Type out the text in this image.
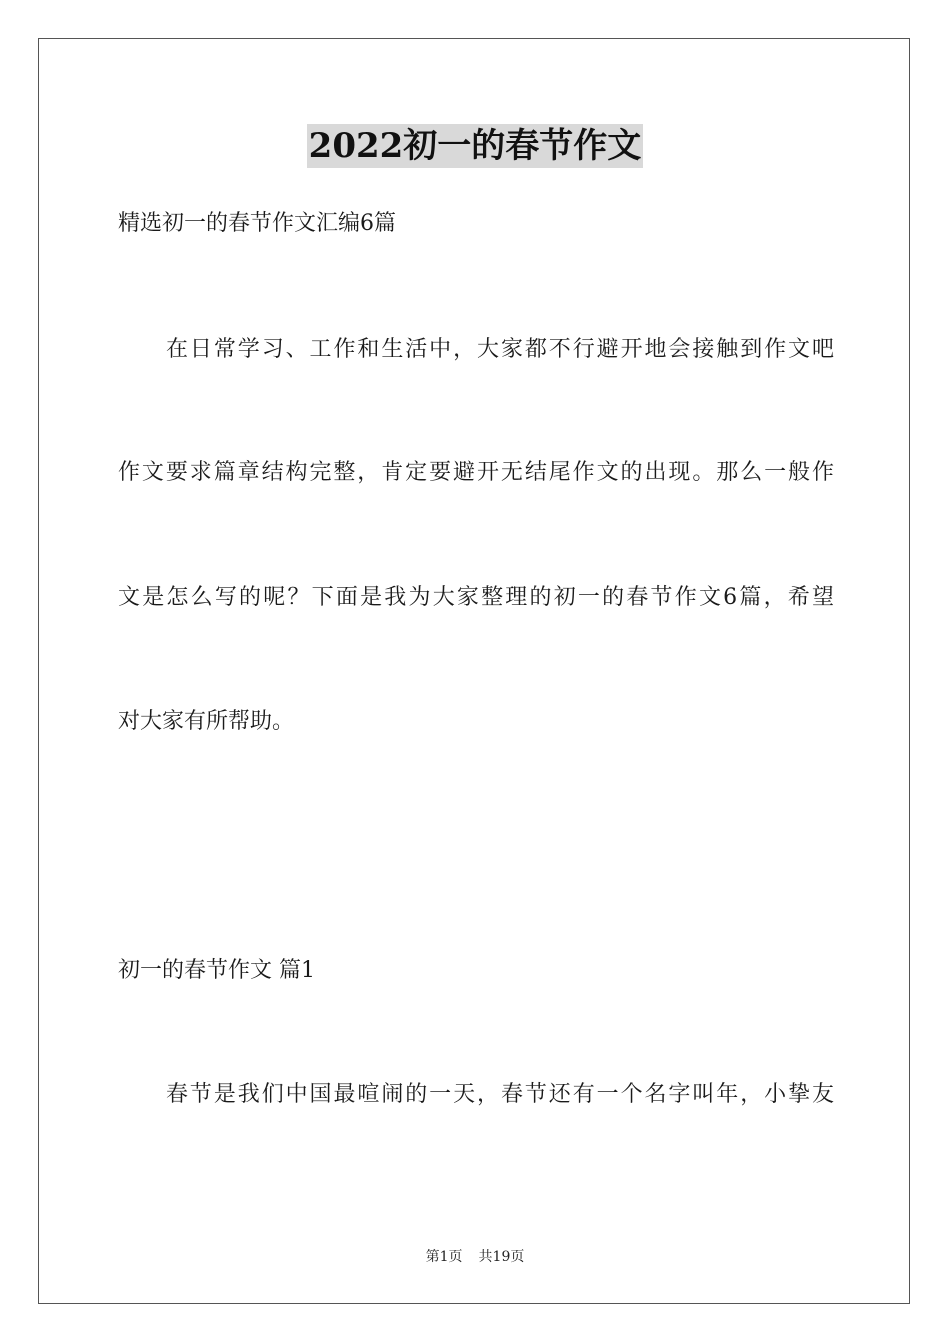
2022初一的春节作文
精选初一的春节作文汇编6篇
在日常学习、工作和生活中，大家都不行避开地会接触到作文吧
作文要求篇章结构完整，肯定要避开无结尾作文的出现。那么一般作
文是怎么写的呢？下面是我为大家整理的初一的春节作文6篇，希望
对大家有所帮助。
初一的春节作文 篇1
春节是我们中国最喧闹的一天，春节还有一个名字叫年，小挚友
第1页 共19页
